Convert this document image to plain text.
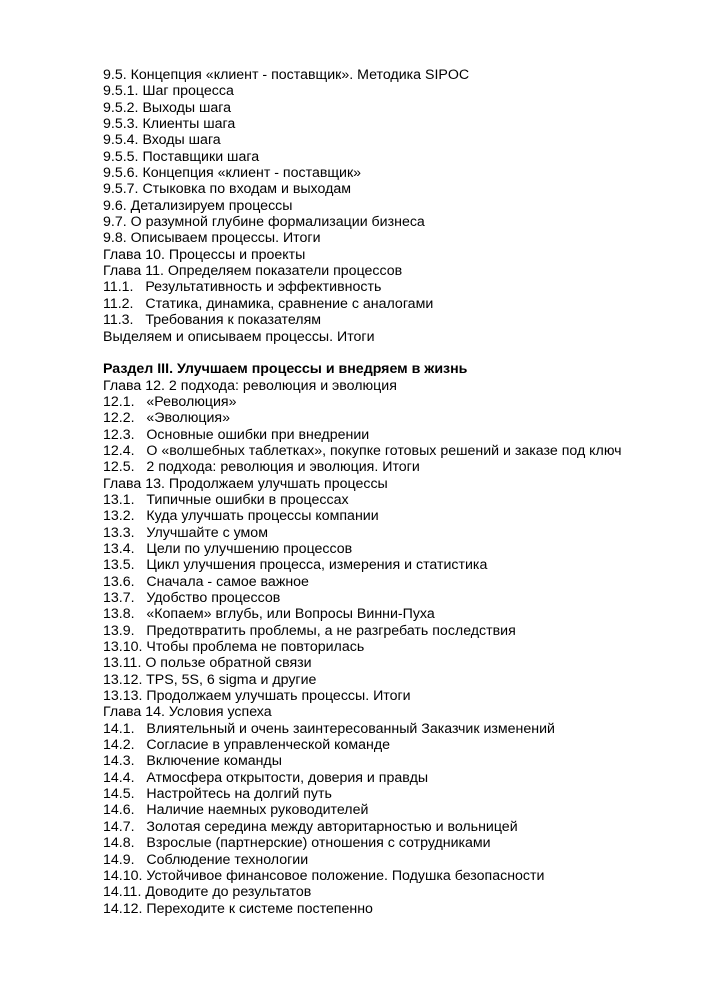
9.5. Концепция «клиент - поставщик». Методика SIPOC
9.5.1. Шаг процесса
9.5.2. Выходы шага
9.5.3. Клиенты шага
9.5.4. Входы шага
9.5.5. Поставщики шага
9.5.6. Концепция «клиент - поставщик»
9.5.7. Стыковка по входам и выходам
9.6. Детализируем процессы
9.7. О разумной глубине формализации бизнеса
9.8. Описываем процессы. Итоги
Глава 10. Процессы и проекты
Глава 11. Определяем показатели процессов
11.1.   Результативность и эффективность
11.2.   Статика, динамика, сравнение с аналогами
11.3.   Требования к показателям
Выделяем и описываем процессы. Итоги
Раздел III. Улучшаем процессы и внедряем в жизнь
Глава 12. 2 подхода: революция и эволюция
12.1.   «Революция»
12.2.   «Эволюция»
12.3.   Основные ошибки при внедрении
12.4.   О «волшебных таблетках», покупке готовых решений и заказе под ключ
12.5.   2 подхода: революция и эволюция. Итоги
Глава 13. Продолжаем улучшать процессы
13.1.   Типичные ошибки в процессах
13.2.   Куда улучшать процессы компании
13.3.   Улучшайте с умом
13.4.   Цели по улучшению процессов
13.5.   Цикл улучшения процесса, измерения и статистика
13.6.   Сначала - самое важное
13.7.   Удобство процессов
13.8.   «Копаем» вглубь, или Вопросы Винни-Пуха
13.9.   Предотвратить проблемы, а не разгребать последствия
13.10. Чтобы проблема не повторилась
13.11. О пользе обратной связи
13.12. TPS, 5S, 6 sigma и другие
13.13. Продолжаем улучшать процессы. Итоги
Глава 14. Условия успеха
14.1.   Влиятельный и очень заинтересованный Заказчик изменений
14.2.   Согласие в управленческой команде
14.3.   Включение команды
14.4.   Атмосфера открытости, доверия и правды
14.5.   Настройтесь на долгий путь
14.6.   Наличие наемных руководителей
14.7.   Золотая середина между авторитарностью и вольницей
14.8.   Взрослые (партнерские) отношения с сотрудниками
14.9.   Соблюдение технологии
14.10. Устойчивое финансовое положение. Подушка безопасности
14.11. Доводите до результатов
14.12. Переходите к системе постепенно
